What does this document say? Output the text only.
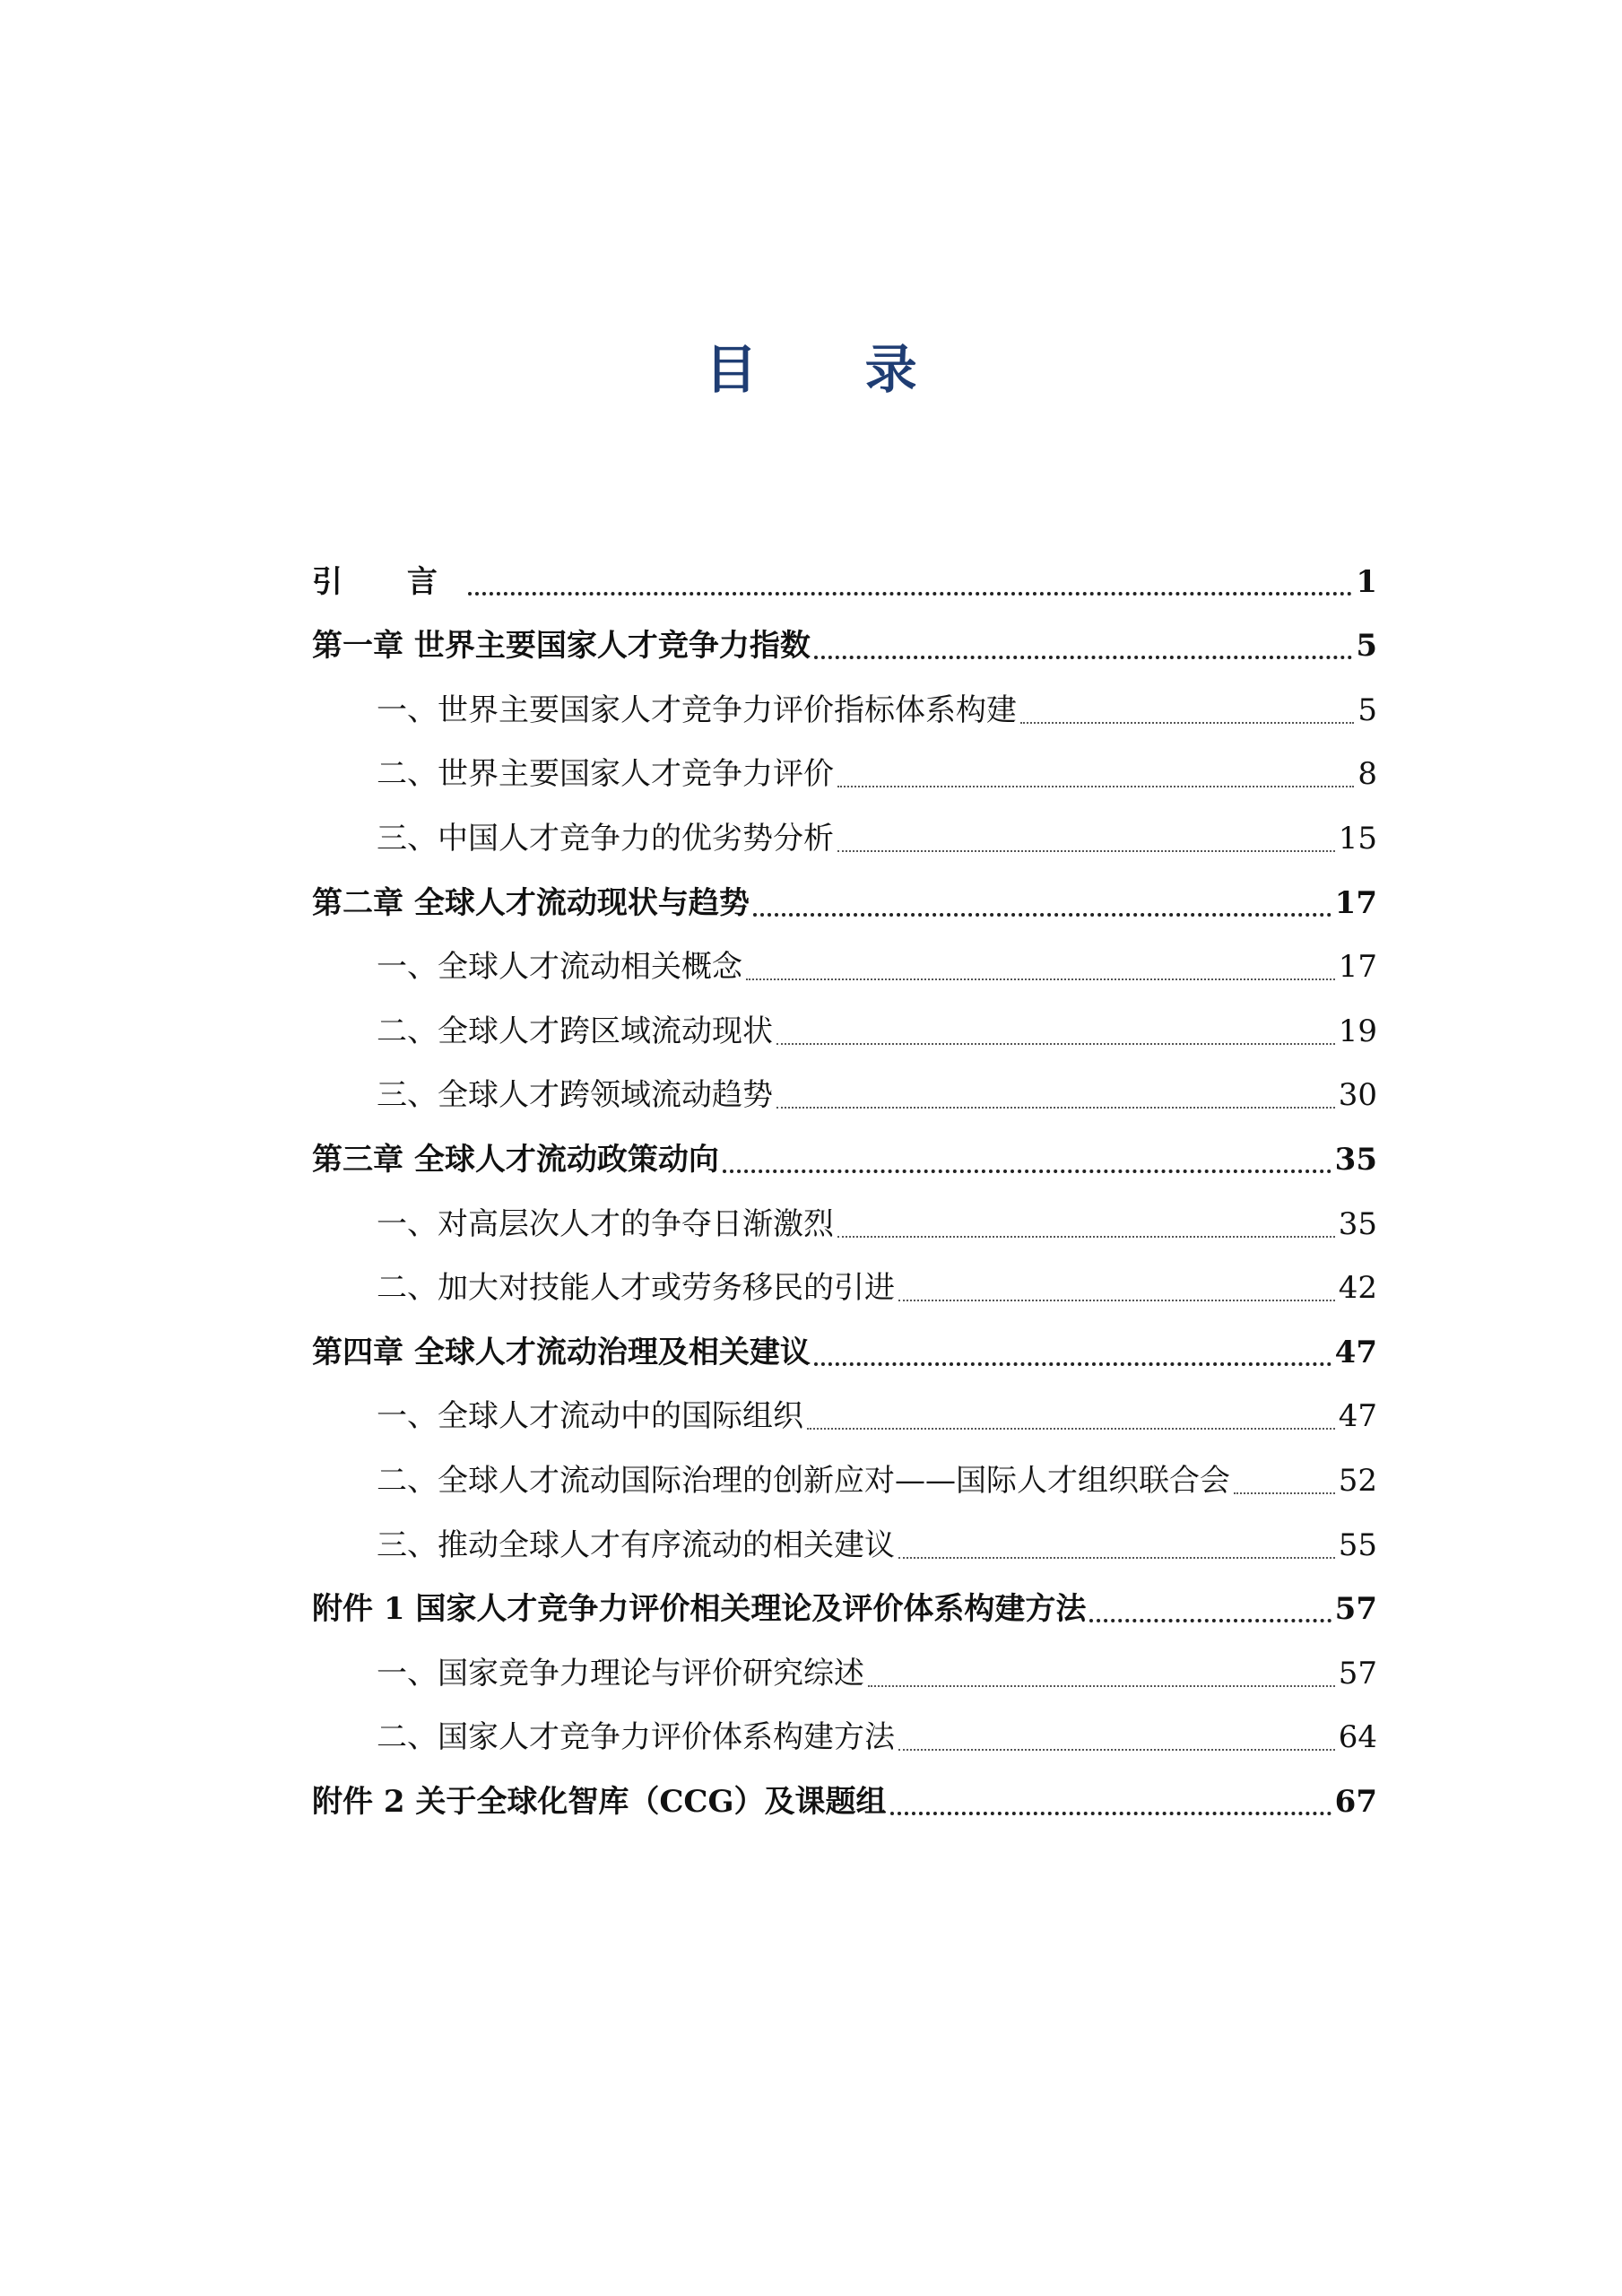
目 录
引 言	1
第一章 世界主要国家人才竞争力指数	5
一、世界主要国家人才竞争力评价指标体系构建	5
二、世界主要国家人才竞争力评价	8
三、中国人才竞争力的优劣势分析	15
第二章 全球人才流动现状与趋势	17
一、全球人才流动相关概念	17
二、全球人才跨区域流动现状	19
三、全球人才跨领域流动趋势	30
第三章 全球人才流动政策动向	35
一、对高层次人才的争夺日渐激烈	35
二、加大对技能人才或劳务移民的引进	42
第四章 全球人才流动治理及相关建议	47
一、全球人才流动中的国际组织	47
二、全球人才流动国际治理的创新应对——国际人才组织联合会	52
三、推动全球人才有序流动的相关建议	55
附件 1 国家人才竞争力评价相关理论及评价体系构建方法	57
一、国家竞争力理论与评价研究综述	57
二、国家人才竞争力评价体系构建方法	64
附件 2 关于全球化智库（CCG）及课题组	67
